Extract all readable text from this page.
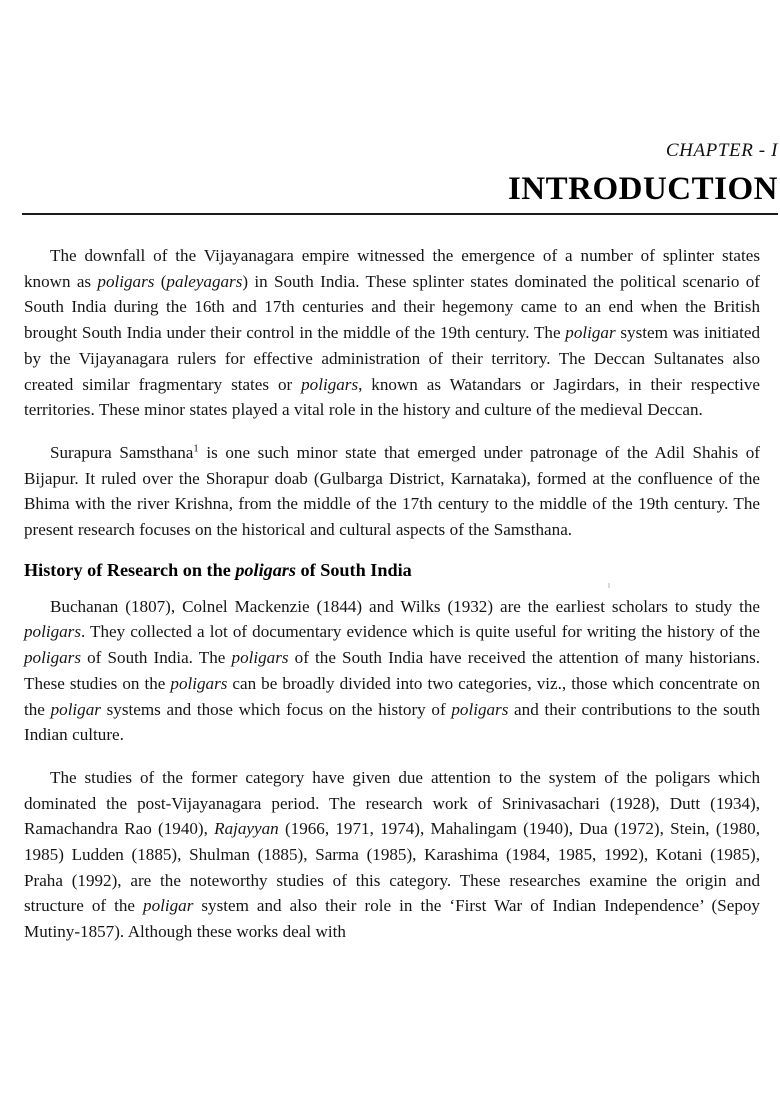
CHAPTER - I
INTRODUCTION

The downfall of the Vijayanagara empire witnessed the emergence of a number of splinter states known as poligars (paleyagars) in South India. These splinter states dominated the political scenario of South India during the 16th and 17th centuries and their hegemony came to an end when the British brought South India under their control in the middle of the 19th century. The poligar system was initiated by the Vijayanagara rulers for effective administration of their territory. The Deccan Sultanates also created similar fragmentary states or poligars, known as Watandars or Jagirdars, in their respective territories. These minor states played a vital role in the history and culture of the medieval Deccan.

Surapura Samsthana$^1$ is one such minor state that emerged under patronage of the Adil Shahis of Bijapur. It ruled over the Shorapur doab (Gulbarga District, Karnataka), formed at the confluence of the Bhima with the river Krishna, from the middle of the 17th century to the middle of the 19th century. The present research focuses on the historical and cultural aspects of the Samsthana.

History of Research on the poligars of South India

Buchanan (1807), Colnel Mackenzie (1844) and Wilks (1932) are the earliest scholars to study the poligars. They collected a lot of documentary evidence which is quite useful for writing the history of the poligars of South India. The poligars of the South India have received the attention of many historians. These studies on the poligars can be broadly divided into two categories, viz., those which concentrate on the poligar systems and those which focus on the history of poligars and their contributions to the south Indian culture.

The studies of the former category have given due attention to the system of the poligars which dominated the post-Vijayanagara period. The research work of Srinivasachari (1928), Dutt (1934), Ramachandra Rao (1940), Rajayyan (1966, 1971, 1974), Mahalingam (1940), Dua (1972), Stein, (1980, 1985) Ludden (1885), Shulman (1885), Sarma (1985), Karashima (1984, 1985, 1992), Kotani (1985), Praha (1992), are the noteworthy studies of this category. These researches examine the origin and structure of the poligar system and also their role in the ‘First War of Indian Independence’ (Sepoy Mutiny-1857). Although these works deal with
